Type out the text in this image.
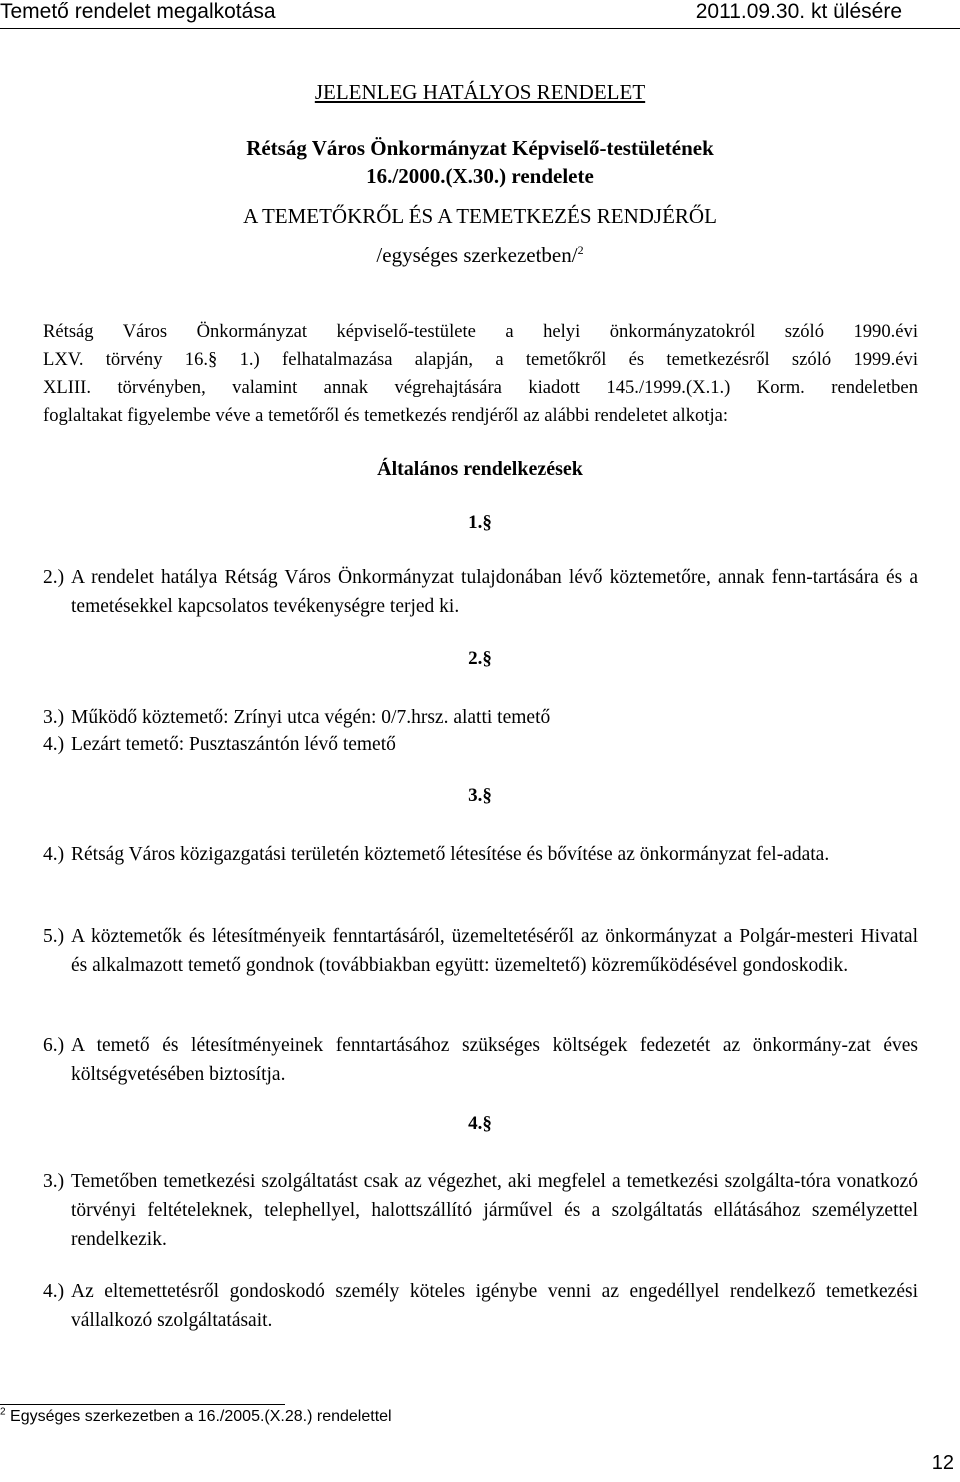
Temető rendelet megalkotása	2011.09.30. kt ülésére
JELENLEG HATÁLYOS RENDELET
Rétság Város Önkormányzat Képviselő-testületének
16./2000.(X.30.) rendelete
A TEMETŐKRŐL ÉS A TEMETKEZÉS RENDJÉRŐL
/egységes szerkezetben/$^2$
Rétság Város Önkormányzat képviselő-testülete a helyi önkormányzatokról szóló 1990.évi
LXV. törvény 16.§ 1.) felhatalmazása alapján, a temetőkről és temetkezésről szóló 1999.évi
XLIII. törvényben, valamint annak végrehajtására kiadott 145./1999.(X.1.) Korm. rendeletben
foglaltakat figyelembe véve a temetőről és temetkezés rendjéről az alábbi rendeletet alkotja:
Általános rendelkezések
1.§
2.) A rendelet hatálya Rétság Város Önkormányzat tulajdonában lévő köztemetőre, annak fenn-tartására és a temetésekkel kapcsolatos tevékenységre terjed ki.
2.§
3.) Működő köztemető: Zrínyi utca végén: 0/7.hrsz. alatti temető
4.) Lezárt temető: Pusztaszántón lévő temető
3.§
4.) Rétság Város közigazgatási területén köztemető létesítése és bővítése az önkormányzat fel-adata.
5.) A köztemetők és létesítményeik fenntartásáról, üzemeltetéséről az önkormányzat a Polgár-mesteri Hivatal és alkalmazott temető gondnok (továbbiakban együtt: üzemeltető) közreműködésével gondoskodik.
6.) A temető és létesítményeinek fenntartásához szükséges költségek fedezetét az önkormány-zat éves költségvetésében biztosítja.
4.§
3.) Temetőben temetkezési szolgáltatást csak az végezhet, aki megfelel a temetkezési szolgálta-tóra vonatkozó törvényi feltételeknek, telephellyel, halottszállító járművel és a szolgáltatás ellátásához személyzettel rendelkezik.
4.) Az eltemettetésről gondoskodó személy köteles igénybe venni az engedéllyel rendelkező temetkezési vállalkozó szolgáltatásait.
$^2$ Egységes szerkezetben a 16./2005.(X.28.) rendelettel
12
